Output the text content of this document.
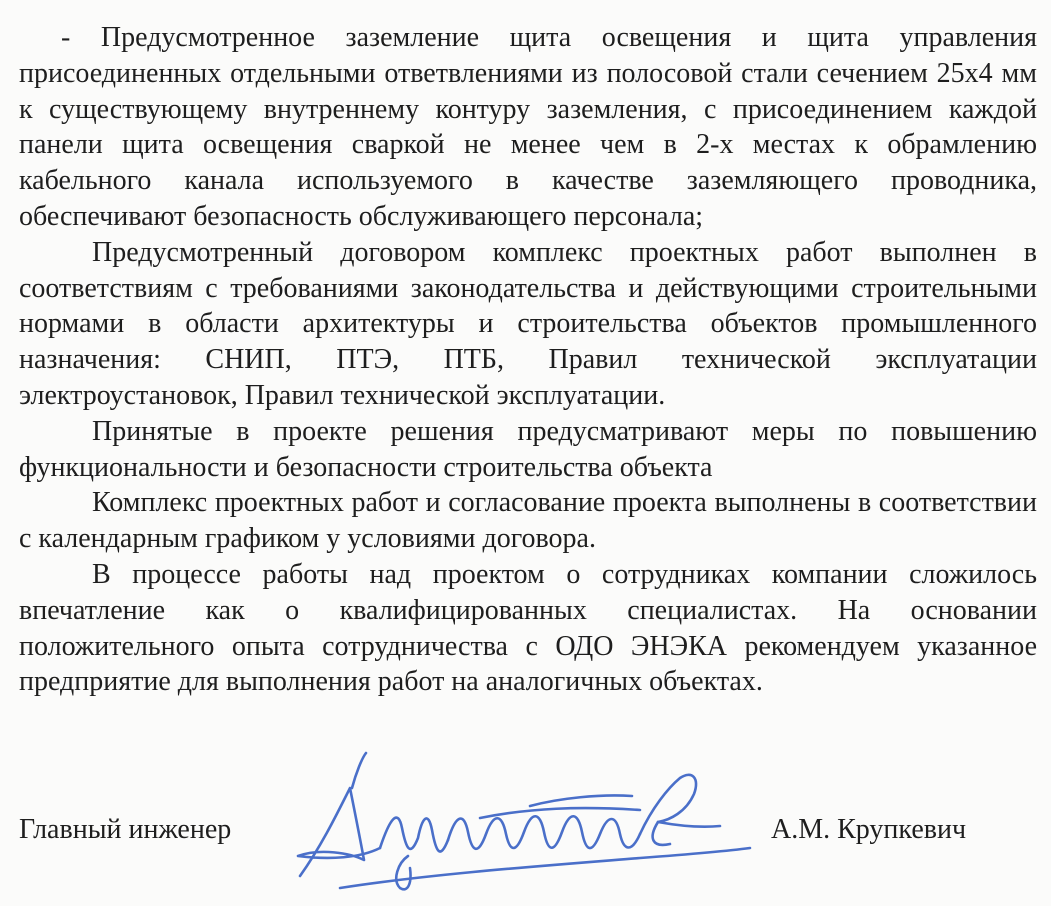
- Предусмотренное заземление щита освещения и щита управления присоединенных отдельными ответвлениями из полосовой стали сечением 25х4 мм к существующему внутреннему контуру заземления, с присоединением каждой панели щита освещения сваркой не менее чем в 2-х местах к обрамлению кабельного канала используемого в качестве заземляющего проводника, обеспечивают безопасность обслуживающего персонала;

Предусмотренный договором комплекс проектных работ выполнен в соответствиям с требованиями законодательства и действующими строительными нормами в области архитектуры и строительства объектов промышленного назначения: СНИП, ПТЭ, ПТБ, Правил технической эксплуатации электроустановок, Правил технической эксплуатации.

Принятые в проекте решения предусматривают меры по повышению функциональности и безопасности строительства объекта

Комплекс проектных работ и согласование проекта выполнены в соответствии с календарным графиком у условиями договора.

В процессе работы над проектом о сотрудниках компании сложилось впечатление как о квалифицированных специалистах. На основании положительного опыта сотрудничества с ОДО ЭНЭКА рекомендуем указанное предприятие для выполнения работ на аналогичных объектах.

Главный инженер	А.М. Крупкевич
